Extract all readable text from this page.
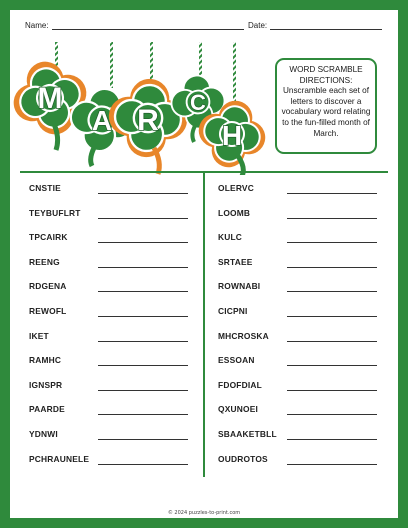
Name:	Date:
M
A R
C
H
WORD SCRAMBLE DIRECTIONS:
Unscramble each set of letters to discover a vocabulary word relating to the fun-filled month of March.
CNSTIE
TEYBUFLRT
TPCAIRK
REENG
RDGENA
REWOFL
IKET
RAMHC
IGNSPR
PAARDE
YDNWI
PCHRAUNELE
OLERVC
LOOMB
KULC
SRTAEE
ROWNABI
CICPNI
MHCROSKA
ESSOAN
FDOFDIAL
QXUNOEI
SBAAKETBLL
OUDROTOS
© 2024 puzzles-to-print.com
